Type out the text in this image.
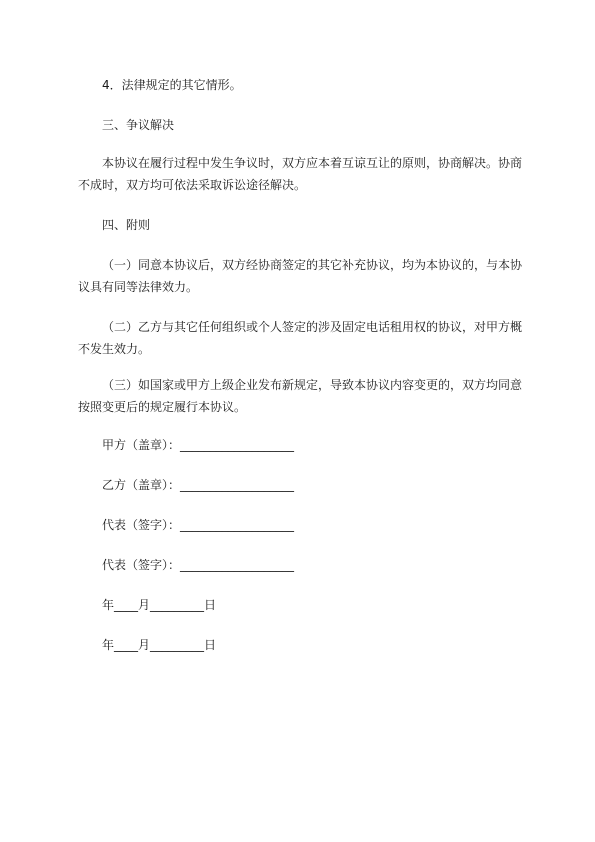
4．法律规定的其它情形。

三、争议解决

本协议在履行过程中发生争议时，双方应本着互谅互让的原则，协商解决。协商不成时，双方均可依法采取诉讼途径解决。

四、附则

（一）同意本协议后，双方经协商签定的其它补充协议，均为本协议的，与本协议具有同等法律效力。

（二）乙方与其它任何组织或个人签定的涉及固定电话租用权的协议，对甲方概不发生效力。

（三）如国家或甲方上级企业发布新规定，导致本协议内容变更的，双方均同意按照变更后的规定履行本协议。

甲方（盖章）：___________________
乙方（盖章）：___________________
代表（签字）：___________________
代表（签字）：___________________
年____月_________日
年____月_________日
